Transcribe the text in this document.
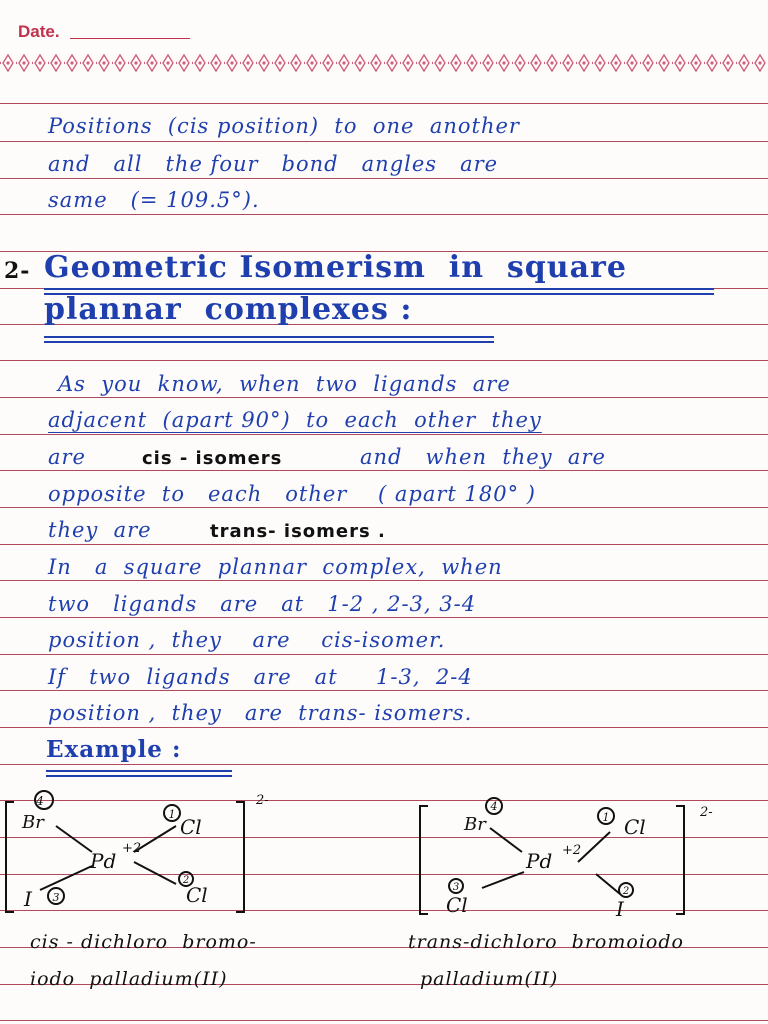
Date.
Positions  (cis position)  to  one  another
and   all   the four   bond   angles   are
same   (= 109.5°).
2- Geometric Isomerism  in  square
plannar  complexes :
As  you  know,  when  two  ligands  are
adjacent  (apart 90°)  to  each  other  they
are	cis - isomers	and   when  they  are
opposite  to   each   other    ( apart 180° )
they  are	trans- isomers .
In   a  square  plannar  complex,  when
two   ligands   are   at   1-2 , 2-3, 3-4
position ,  they    are    cis-isomer.
If   two  ligands   are   at     1-3,  2-4
position ,  they   are  trans- isomers.
Example :
Br
4
Pd
+2
Cl
1
2
Cl
I 3
2-
Br
4
Pd +2
Cl
1
2
I
Cl
3
2-
cis - dichloro  bromo-
iodo  palladium(II)
trans-dichloro  bromoiodo
palladium(II)
